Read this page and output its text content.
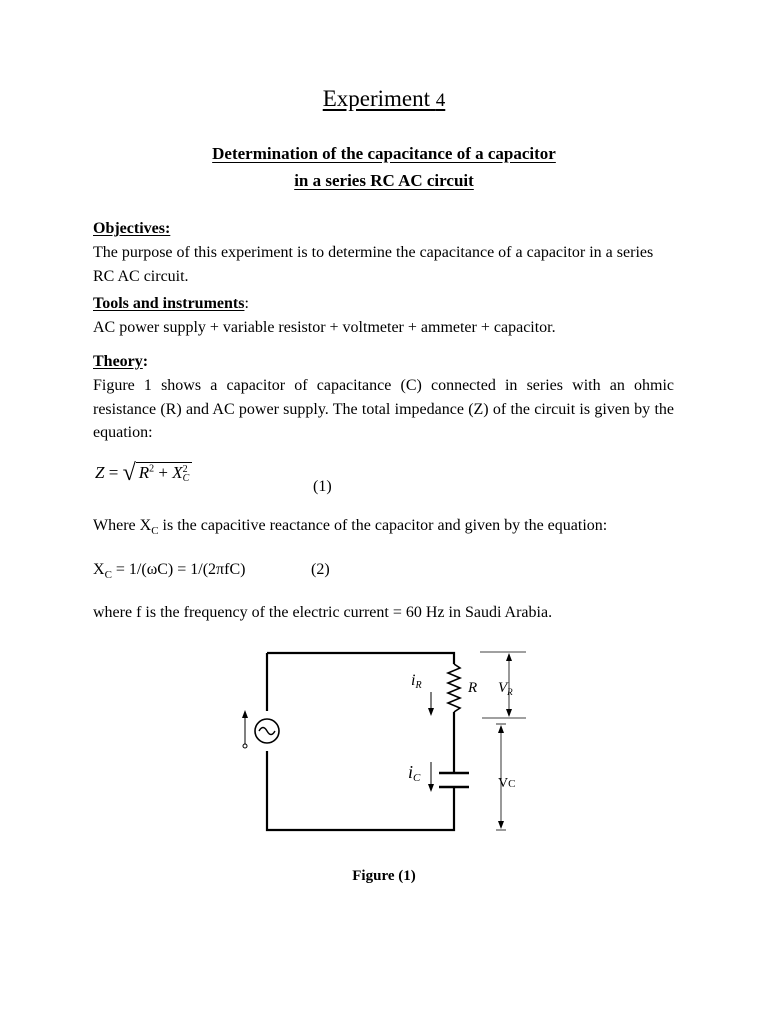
Experiment 4
Determination of the capacitance of a capacitor
in a series RC AC circuit
Objectives:
The purpose of this experiment is to determine the capacitance of a capacitor in a series RC AC circuit.
Tools and instruments:
AC power supply + variable resistor + voltmeter + ammeter + capacitor.
Theory:
Figure 1 shows a capacitor of capacitance (C) connected in series with an ohmic resistance (R) and AC power supply. The total impedance (Z) of the circuit is given by the equation:
Z = √ $R^2 + X$ 2
C	(1)
Where $X_C$ is the capacitive reactance of the capacitor and given by the equation:
$X_C = 1/(\omega C) = 1/(2\pi fC)$	(2)
where f is the frequency of the electric current = 60 Hz in Saudi Arabia.
iR	R $V_R$
iC	VC
Figure (1)
